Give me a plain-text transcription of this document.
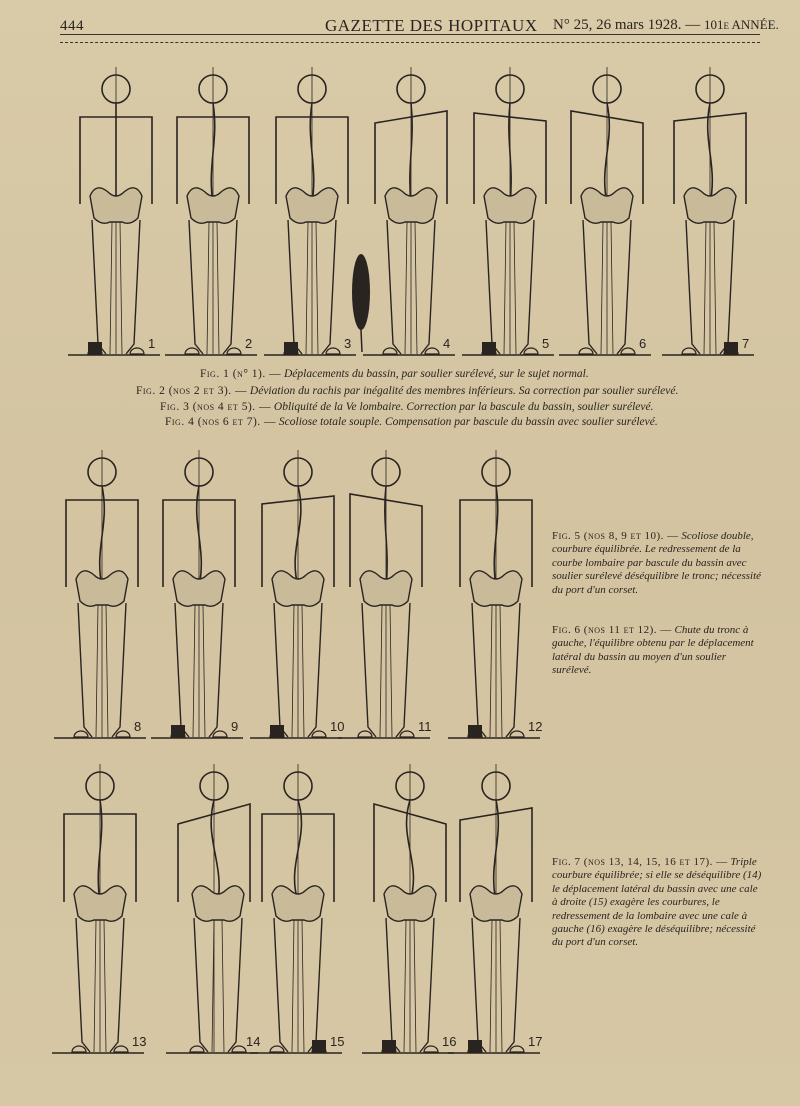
444	GAZETTE DES HOPITAUX N° 25, 26 mars 1928. — 101e ANNÉE.
1	2	3	4	5	6	7
8	9	10	11	12
13	14	15	16	17
Fig. 1 (n° 1). — Déplacements du bassin, par soulier surélevé, sur le sujet normal.
Fig. 2 (nos 2 et 3). — Déviation du rachis par inégalité des membres inférieurs. Sa correction par soulier surélevé.
Fig. 3 (nos 4 et 5). — Obliquité de la Ve lombaire. Correction par la bascule du bassin, soulier surélevé.
Fig. 4 (nos 6 et 7). — Scoliose totale souple. Compensation par bascule du bassin avec soulier surélevé.
Fig. 5 (nos 8, 9 et 10). — Scoliose double, courbure équilibrée. Le redressement de la courbe lombaire par bascule du bassin avec soulier surélevé déséquilibre le tronc; nécessité du port d'un corset.
Fig. 6 (nos 11 et 12). — Chute du tronc à gauche, l'équilibre obtenu par le déplacement latéral du bassin au moyen d'un soulier surélevé.
Fig. 7 (nos 13, 14, 15, 16 et 17). — Triple courbure équilibrée; si elle se déséquilibre (14) le déplacement latéral du bassin avec une cale à droite (15) exagère les courbures, le redressement de la lombaire avec une cale à gauche (16) exagère le déséquilibre; nécessité du port d'un corset.
